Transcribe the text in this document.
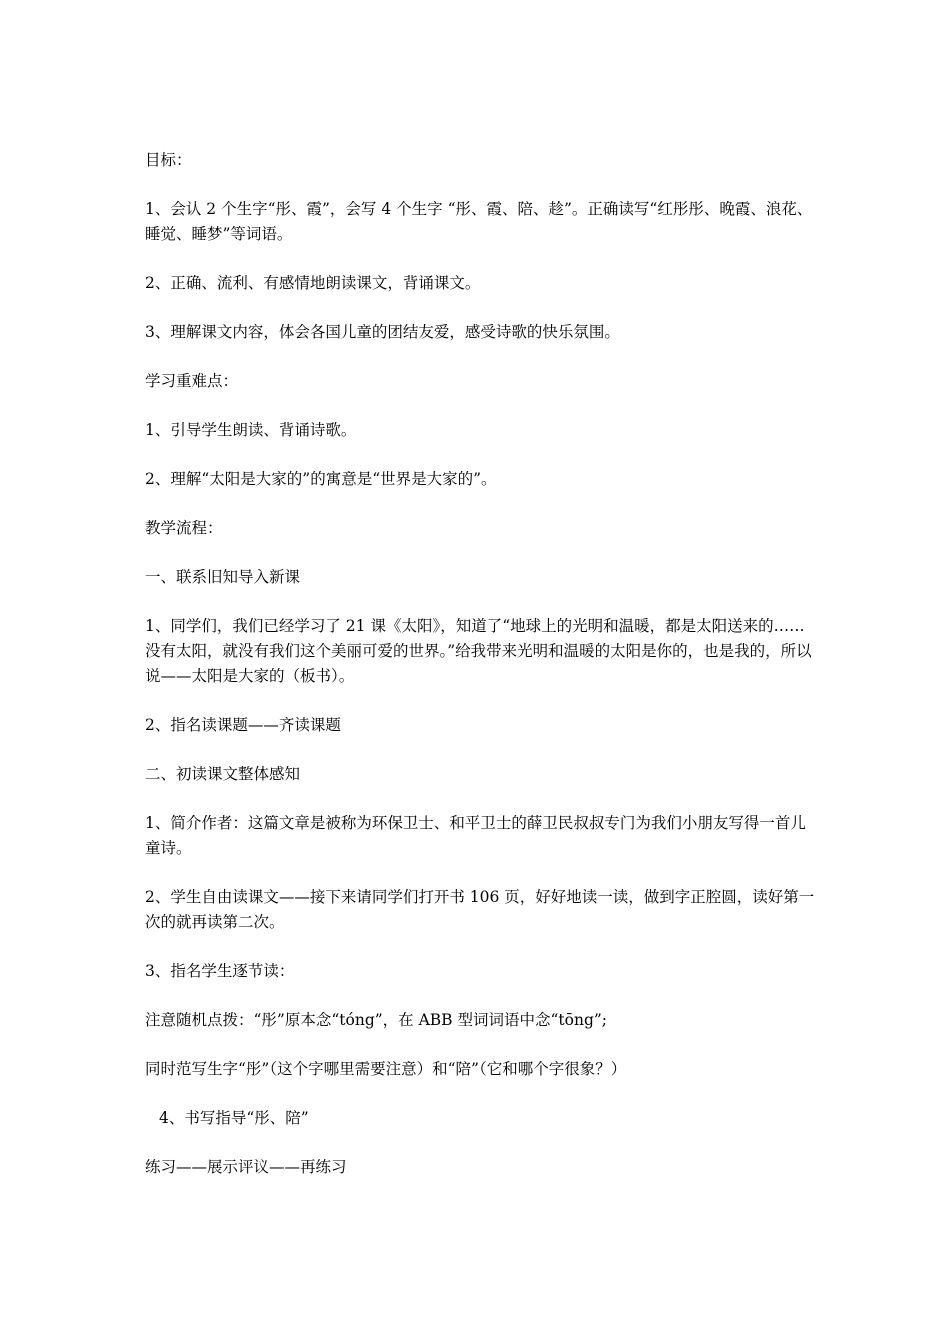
目标：

1、会认 2 个生字“彤、霞”，会写 4 个生字 “彤、霞、陪、趁”。正确读写“红彤彤、晚霞、浪花、睡觉、睡梦”等词语。

2、正确、流利、有感情地朗读课文，背诵课文。

3、理解课文内容，体会各国儿童的团结友爱，感受诗歌的快乐氛围。

学习重难点：

1、引导学生朗读、背诵诗歌。

2、理解“太阳是大家的”的寓意是“世界是大家的”。

教学流程：

一、联系旧知导入新课

1、同学们，我们已经学习了 21 课《太阳》，知道了“地球上的光明和温暖，都是太阳送来的……没有太阳，就没有我们这个美丽可爱的世界。”给我带来光明和温暖的太阳是你的，也是我的，所以说——太阳是大家的（板书）。

2、指名读课题——齐读课题

二、初读课文整体感知

1、简介作者：这篇文章是被称为环保卫士、和平卫士的薛卫民叔叔专门为我们小朋友写得一首儿童诗。

2、学生自由读课文——接下来请同学们打开书 106 页，好好地读一读，做到字正腔圆，读好第一次的就再读第二次。

3、指名学生逐节读：

注意随机点拨：“彤”原本念“tóng”，在 ABB 型词词语中念“tōng”;

同时范写生字“彤”（这个字哪里需要注意）和“陪”（它和哪个字很象？）

4、书写指导“彤、陪”

练习——展示评议——再练习
